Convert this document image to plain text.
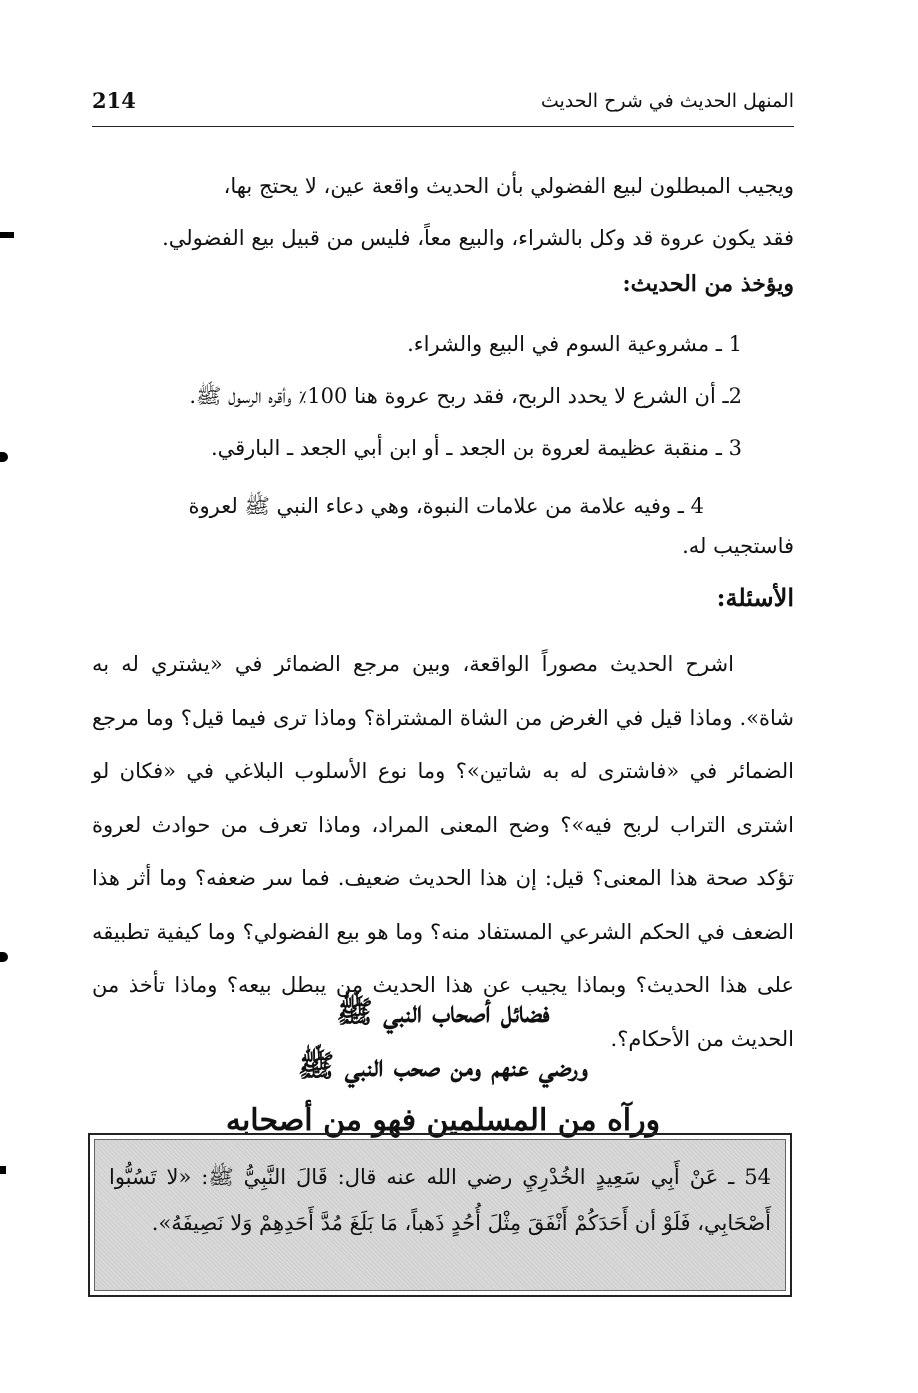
214	المنهل الحديث في شرح الحديث

ويجيب المبطلون لبيع الفضولي بأن الحديث واقعة عين، لا يحتج بها،

فقد يكون عروة قد وكل بالشراء، والبيع معاً، فليس من قبيل بيع الفضولي.

ويؤخذ من الحديث:
1 ـ مشروعية السوم في البيع والشراء.
2ـ أن الشرع لا يحدد الربح، فقد ربح عروة هنا 100٪ وأقره الرسول ﷺ.
3 ـ منقبة عظيمة لعروة بن الجعد ـ أو ابن أبي الجعد ـ البارقي.
4 ـ وفيه علامة من علامات النبوة، وهي دعاء النبي ﷺ لعروة
فاستجيب له.
الأسئلة:
اشرح الحديث مصوراً الواقعة، وبين مرجع الضمائر في «يشتري له به شاة». وماذا قيل في الغرض من الشاة المشتراة؟ وماذا ترى فيما قيل؟ وما مرجع الضمائر في «فاشترى له به شاتين»؟ وما نوع الأسلوب البلاغي في «فكان لو اشترى التراب لربح فيه»؟ وضح المعنى المراد، وماذا تعرف من حوادث لعروة تؤكد صحة هذا المعنى؟ قيل: إن هذا الحديث ضعيف. فما سر ضعفه؟ وما أثر هذا الضعف في الحكم الشرعي المستفاد منه؟ وما هو بيع الفضولي؟ وما كيفية تطبيقه على هذا الحديث؟ وبماذا يجيب عن هذا الحديث من يبطل بيعه؟ وماذا تأخذ من الحديث من الأحكام؟.
فضائل أصحاب النبي ﷺ
ورضي عنهم ومن صحب النبي ﷺ
ورآه من المسلمين فهو من أصحابه
54 ـ عَنْ أَبِي سَعِيدٍ الخُدْرِيِ رضي الله عنه قال: قَالَ النَّبِيُّ ﷺ: «لا تَسُبُّوا أَصْحَابِي، فَلَوْ أن أَحَدَكُمْ أَنْفَقَ مِثْلَ أُحُدٍ ذَهباً، مَا بَلَغَ مُدَّ أَحَدِهِمْ وَلا نَصِيفَهُ».
